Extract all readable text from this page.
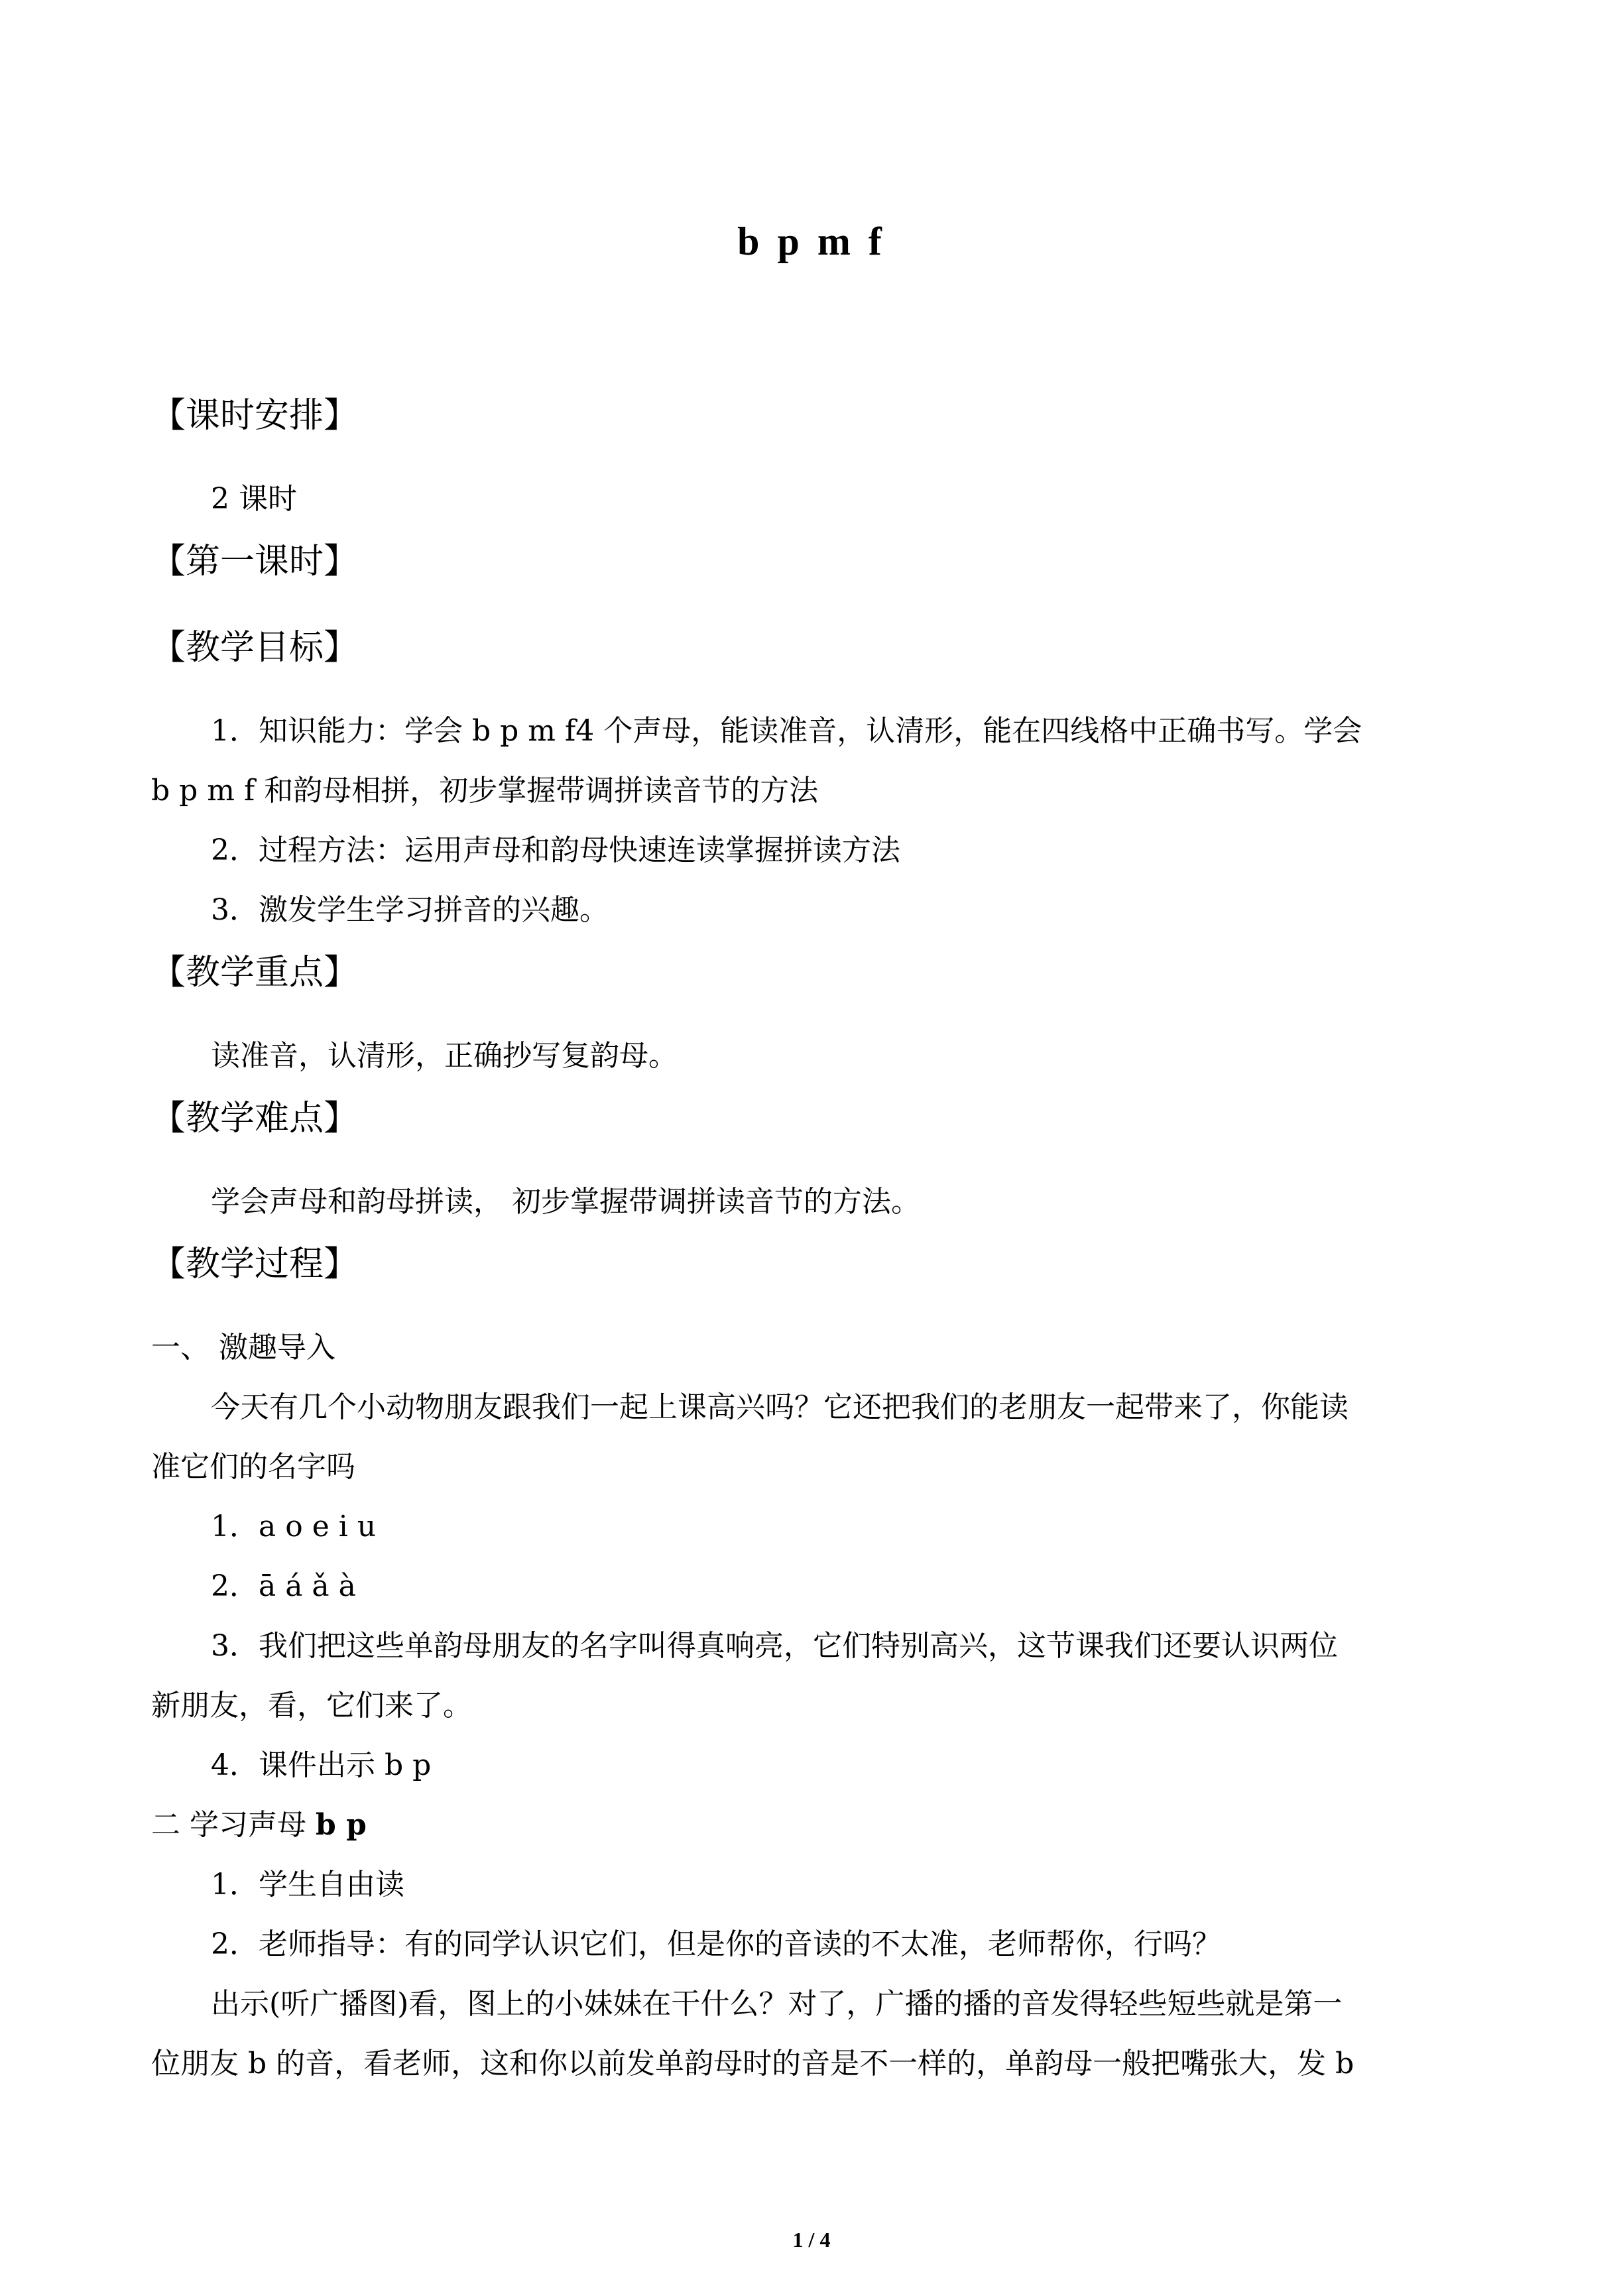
b p m f
【课时安排】
2 课时
【第一课时】
【教学目标】
1．知识能力：学会 b p m f4 个声母，能读准音，认清形，能在四线格中正确书写。学会
b p m f 和韵母相拼，初步掌握带调拼读音节的方法
2．过程方法：运用声母和韵母快速连读掌握拼读方法
3．激发学生学习拼音的兴趣。
【教学重点】
读准音，认清形，正确抄写复韵母。
【教学难点】
学会声母和韵母拼读， 初步掌握带调拼读音节的方法。
【教学过程】
一、 激趣导入
今天有几个小动物朋友跟我们一起上课高兴吗？它还把我们的老朋友一起带来了，你能读
准它们的名字吗
1．a o e i u
2．ā á ǎ à
3．我们把这些单韵母朋友的名字叫得真响亮，它们特别高兴，这节课我们还要认识两位
新朋友，看，它们来了。
4．课件出示 b p
二 学习声母 b p
1．学生自由读
2．老师指导：有的同学认识它们，但是你的音读的不太准，老师帮你，行吗？
出示(听广播图)看，图上的小妹妹在干什么？对了，广播的播的音发得轻些短些就是第一
位朋友 b 的音，看老师，这和你以前发单韵母时的音是不一样的，单韵母一般把嘴张大，发 b
1 / 4
